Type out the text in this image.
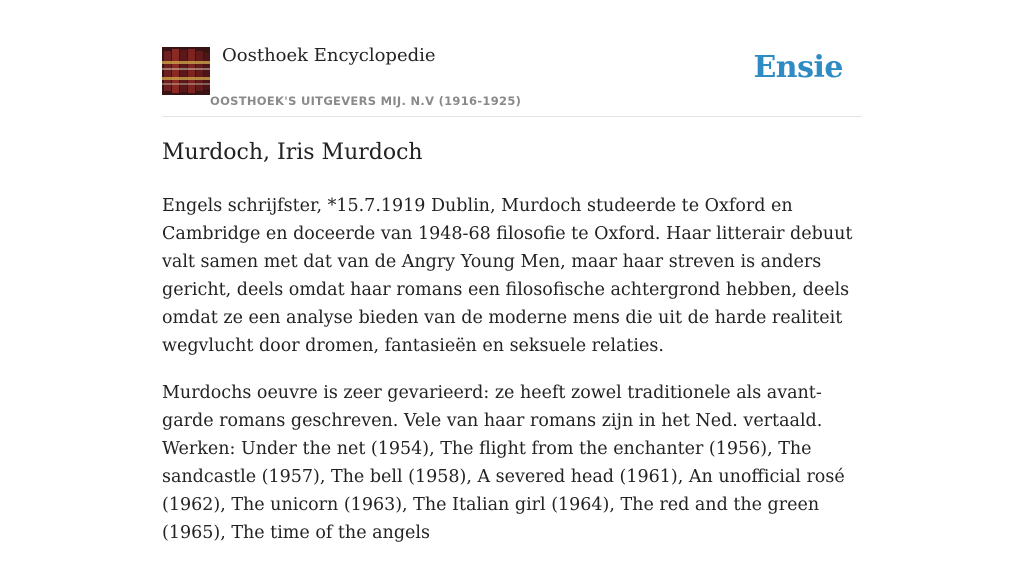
Oosthoek Encyclopedie
OOSTHOEK'S UITGEVERS MIJ. N.V (1916-1925)
Ensie
Murdoch, Iris Murdoch

Engels schrijfster, *15.7.1919 Dublin, Murdoch studeerde te Oxford en Cambridge en doceerde van 1948-68 filosofie te Oxford. Haar litterair debuut valt samen met dat van de Angry Young Men, maar haar streven is anders gericht, deels omdat haar romans een filosofische achtergrond hebben, deels omdat ze een analyse bieden van de moderne mens die uit de harde realiteit wegvlucht door dromen, fantasieën en seksuele relaties.

Murdochs oeuvre is zeer gevarieerd: ze heeft zowel traditionele als avant-garde romans geschreven. Vele van haar romans zijn in het Ned. vertaald. Werken: Under the net (1954), The flight from the enchanter (1956), The sandcastle (1957), The bell (1958), A severed head (1961), An unofficial rosé (1962), The unicorn (1963), The Italian girl (1964), The red and the green (1965), The time of the angels
